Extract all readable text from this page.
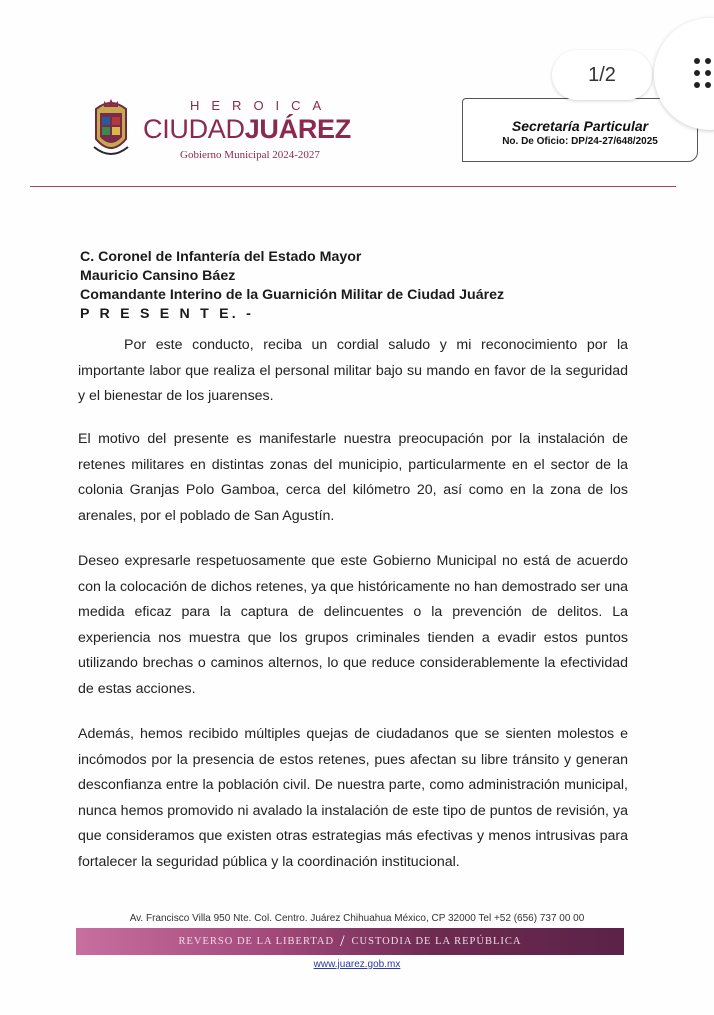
HEROICA
CIUDADJUÁREZ
Gobierno Municipal 2024-2027
Secretaría Particular
No. De Oficio: DP/24-27/648/2025
1/2
C. Coronel de Infantería del Estado Mayor
Mauricio Cansino Báez
Comandante Interino de la Guarnición Militar de Ciudad Juárez
P R E S E N T E. -
Por este conducto, reciba un cordial saludo y mi reconocimiento por la importante labor que realiza el personal militar bajo su mando en favor de la seguridad y el bienestar de los juarenses.
El motivo del presente es manifestarle nuestra preocupación por la instalación de retenes militares en distintas zonas del municipio, particularmente en el sector de la colonia Granjas Polo Gamboa, cerca del kilómetro 20, así como en la zona de los arenales, por el poblado de San Agustín.
Deseo expresarle respetuosamente que este Gobierno Municipal no está de acuerdo con la colocación de dichos retenes, ya que históricamente no han demostrado ser una medida eficaz para la captura de delincuentes o la prevención de delitos. La experiencia nos muestra que los grupos criminales tienden a evadir estos puntos utilizando brechas o caminos alternos, lo que reduce considerablemente la efectividad de estas acciones.
Además, hemos recibido múltiples quejas de ciudadanos que se sienten molestos e incómodos por la presencia de estos retenes, pues afectan su libre tránsito y generan desconfianza entre la población civil. De nuestra parte, como administración municipal, nunca hemos promovido ni avalado la instalación de este tipo de puntos de revisión, ya que consideramos que existen otras estrategias más efectivas y menos intrusivas para fortalecer la seguridad pública y la coordinación institucional.
Av. Francisco Villa 950 Nte. Col. Centro. Juárez Chihuahua México, CP 32000 Tel +52 (656) 737 00 00
REVERSO DE LA LIBERTAD / CUSTODIA DE LA REPÚBLICA
www.juarez.gob.mx
